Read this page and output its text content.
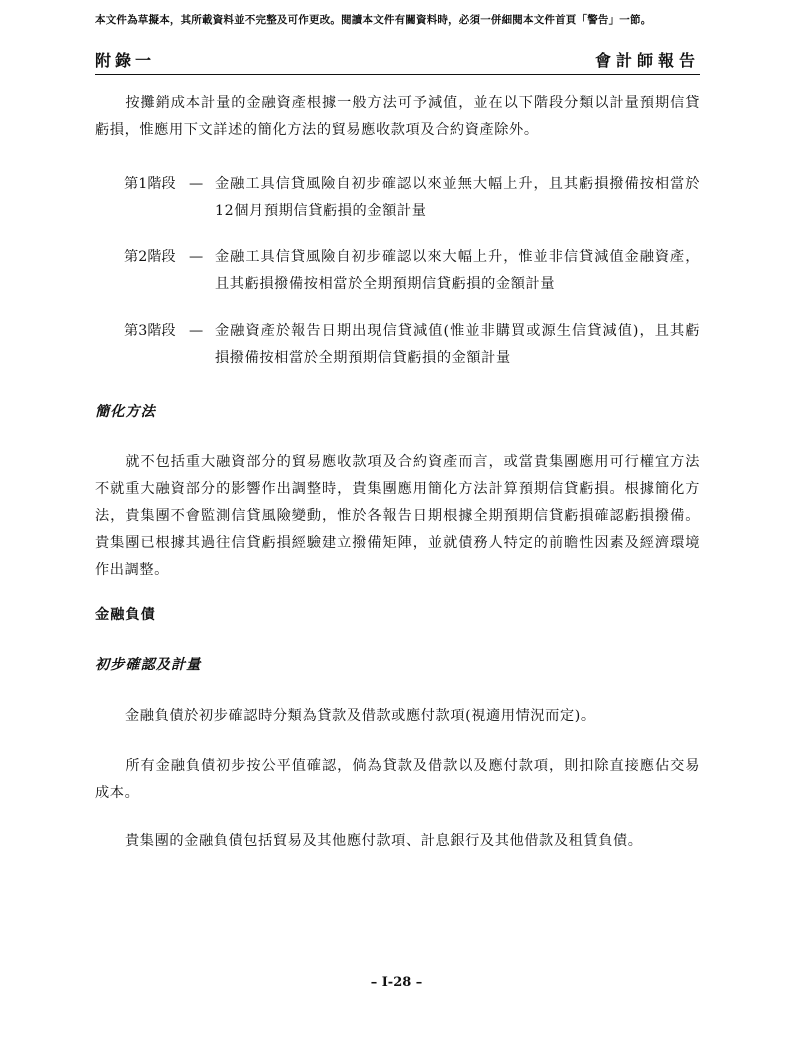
本文件為草擬本，其所載資料並不完整及可作更改。閱讀本文件有關資料時，必須一併細閱本文件首頁「警告」一節。
附錄一	會計師報告
按攤銷成本計量的金融資產根據一般方法可予減值，並在以下階段分類以計量預期信貸虧損，惟應用下文詳述的簡化方法的貿易應收款項及合約資產除外。
第1階段 — 金融工具信貸風險自初步確認以來並無大幅上升，且其虧損撥備按相當於12個月預期信貸虧損的金額計量
第2階段 — 金融工具信貸風險自初步確認以來大幅上升，惟並非信貸減值金融資產，且其虧損撥備按相當於全期預期信貸虧損的金額計量
第3階段 — 金融資產於報告日期出現信貸減值(惟並非購買或源生信貸減值)，且其虧損撥備按相當於全期預期信貸虧損的金額計量
簡化方法
就不包括重大融資部分的貿易應收款項及合約資產而言，或當貴集團應用可行權宜方法不就重大融資部分的影響作出調整時，貴集團應用簡化方法計算預期信貸虧損。根據簡化方法，貴集團不會監測信貸風險變動，惟於各報告日期根據全期預期信貸虧損確認虧損撥備。貴集團已根據其過往信貸虧損經驗建立撥備矩陣，並就債務人特定的前瞻性因素及經濟環境作出調整。
金融負債
初步確認及計量
金融負債於初步確認時分類為貸款及借款或應付款項(視適用情況而定)。
所有金融負債初步按公平值確認，倘為貸款及借款以及應付款項，則扣除直接應佔交易成本。
貴集團的金融負債包括貿易及其他應付款項、計息銀行及其他借款及租賃負債。
– I-28 –
